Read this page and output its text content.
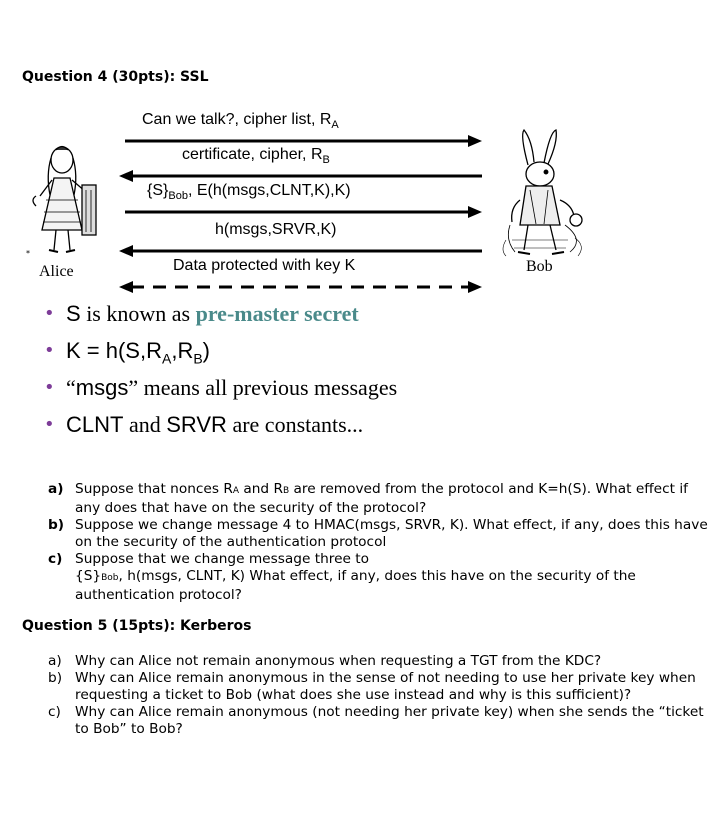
Question 4 (30pts): SSL
*
Can we talk?, cipher list, $R_A$
certificate, cipher, $R_B$
$\{S\}_{Bob}$, E(h(msgs,CLNT,K),K)
h(msgs,SRVR,K)
Data protected with key K
Alice	Bob
• S is known as pre-master secret
• $K = h(S,R_A,R_B)$
• “msgs” means all previous messages
• CLNT and SRVR are constants...
a) Suppose that nonces RA and RB are removed from the protocol and K=h(S). What effect if any does that have on the security of the protocol?
b) Suppose we change message 4 to HMAC(msgs, SRVR, K). What effect, if any, does this have on the security of the authentication protocol
c) Suppose that we change message three to
{S}Bob, h(msgs, CLNT, K) What effect, if any, does this have on the security of the authentication protocol?
Question 5 (15pts): Kerberos
a) Why can Alice not remain anonymous when requesting a TGT from the KDC?
b) Why can Alice remain anonymous in the sense of not needing to use her private key when requesting a ticket to Bob (what does she use instead and why is this sufficient)?
c) Why can Alice remain anonymous (not needing her private key) when she sends the “ticket to Bob” to Bob?
